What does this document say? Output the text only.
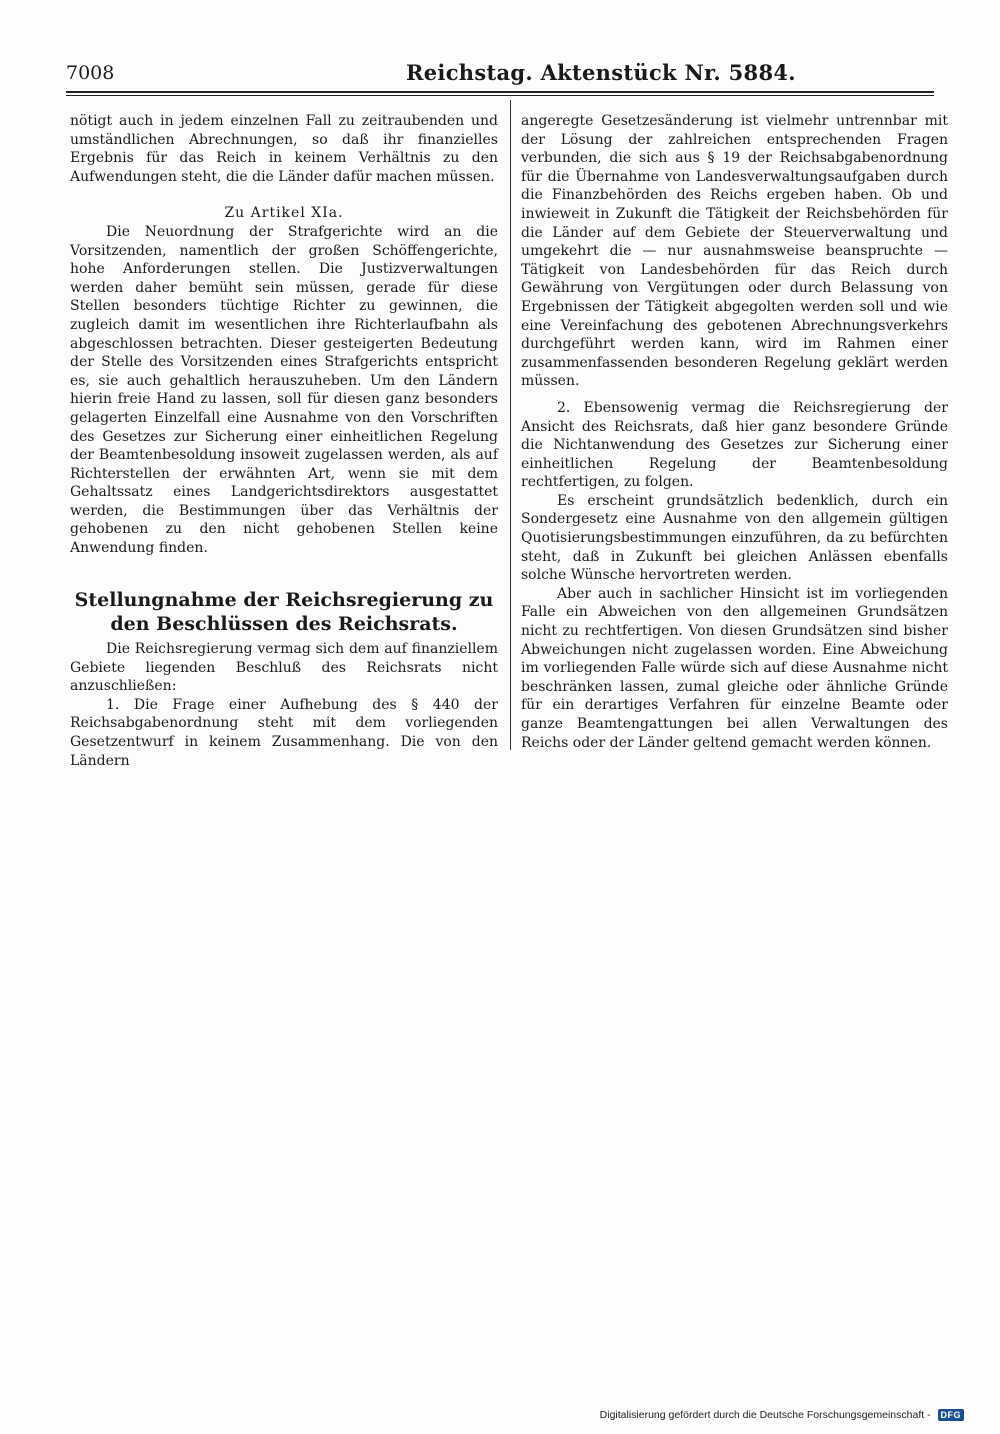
7008	Reichstag. Aktenstück Nr. 5884.

nötigt auch in jedem einzelnen Fall zu zeitraubenden und umständlichen Abrechnungen, so daß ihr finanzielles Ergebnis für das Reich in keinem Verhältnis zu den Aufwendungen steht, die die Länder dafür machen müssen.

Zu Artikel XIa.

Die Neuordnung der Strafgerichte wird an die Vorsitzenden, namentlich der großen Schöffengerichte, hohe Anforderungen stellen. Die Justizverwaltungen werden daher bemüht sein müssen, gerade für diese Stellen besonders tüchtige Richter zu gewinnen, die zugleich damit im wesentlichen ihre Richterlaufbahn als abgeschlossen betrachten. Dieser gesteigerten Bedeutung der Stelle des Vorsitzenden eines Strafgerichts entspricht es, sie auch gehaltlich herauszuheben. Um den Ländern hierin freie Hand zu lassen, soll für diesen ganz besonders gelagerten Einzelfall eine Ausnahme von den Vorschriften des Gesetzes zur Sicherung einer einheitlichen Regelung der Beamtenbesoldung insoweit zugelassen werden, als auf Richterstellen der erwähnten Art, wenn sie mit dem Gehaltssatz eines Landgerichtsdirektors ausgestattet werden, die Bestimmungen über das Verhältnis der gehobenen zu den nicht gehobenen Stellen keine Anwendung finden.

Stellungnahme der Reichsregierung zu den Beschlüssen des Reichsrats.

Die Reichsregierung vermag sich dem auf finanziellem Gebiete liegenden Beschluß des Reichsrats nicht anzuschließen:

1. Die Frage einer Aufhebung des § 440 der Reichsabgabenordnung steht mit dem vorliegenden Gesetzentwurf in keinem Zusammenhang. Die von den Ländern

angeregte Gesetzesänderung ist vielmehr untrennbar mit der Lösung der zahlreichen entsprechenden Fragen verbunden, die sich aus § 19 der Reichsabgabenordnung für die Übernahme von Landesverwaltungsaufgaben durch die Finanzbehörden des Reichs ergeben haben. Ob und inwieweit in Zukunft die Tätigkeit der Reichsbehörden für die Länder auf dem Gebiete der Steuerverwaltung und umgekehrt die — nur ausnahmsweise beanspruchte — Tätigkeit von Landesbehörden für das Reich durch Gewährung von Vergütungen oder durch Belassung von Ergebnissen der Tätigkeit abgegolten werden soll und wie eine Vereinfachung des gebotenen Abrechnungsverkehrs durchgeführt werden kann, wird im Rahmen einer zusammenfassenden besonderen Regelung geklärt werden müssen.

2. Ebensowenig vermag die Reichsregierung der Ansicht des Reichsrats, daß hier ganz besondere Gründe die Nichtanwendung des Gesetzes zur Sicherung einer einheitlichen Regelung der Beamtenbesoldung rechtfertigen, zu folgen.

Es erscheint grundsätzlich bedenklich, durch ein Sondergesetz eine Ausnahme von den allgemein gültigen Quotisierungsbestimmungen einzuführen, da zu befürchten steht, daß in Zukunft bei gleichen Anlässen ebenfalls solche Wünsche hervortreten werden.

Aber auch in sachlicher Hinsicht ist im vorliegenden Falle ein Abweichen von den allgemeinen Grundsätzen nicht zu rechtfertigen. Von diesen Grundsätzen sind bisher Abweichungen nicht zugelassen worden. Eine Abweichung im vorliegenden Falle würde sich auf diese Ausnahme nicht beschränken lassen, zumal gleiche oder ähnliche Gründe für ein derartiges Verfahren für einzelne Beamte oder ganze Beamtengattungen bei allen Verwaltungen des Reichs oder der Länder geltend gemacht werden können.

Digitalisierung gefördert durch die Deutsche Forschungsgemeinschaft - DFG
